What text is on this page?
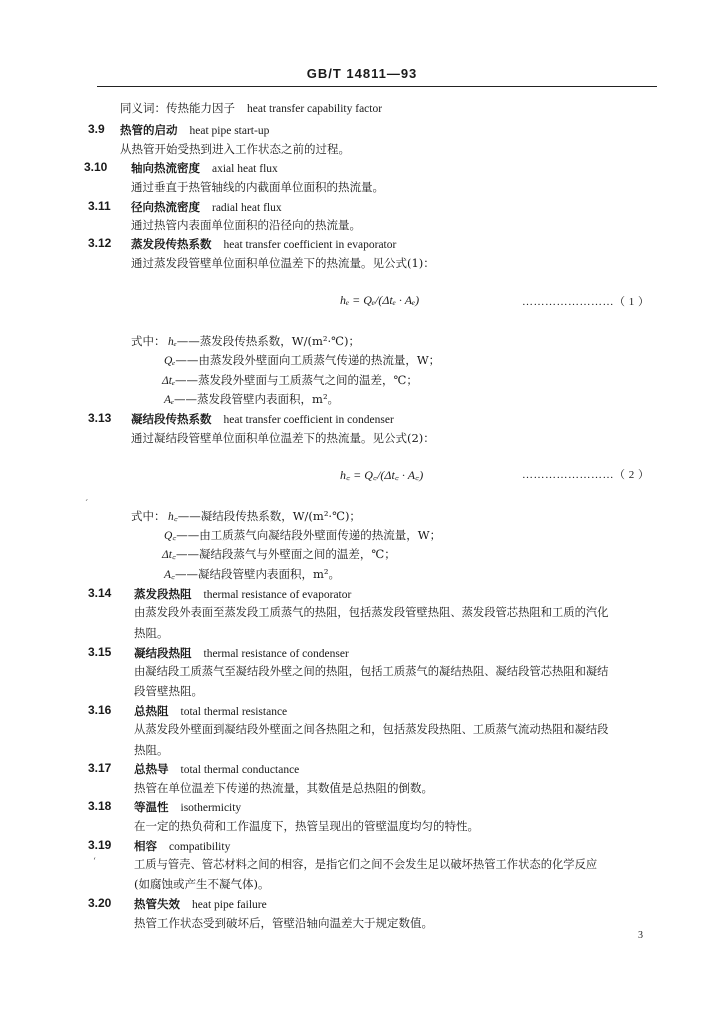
GB/T 14811—93
同义词：传热能力因子 heat transfer capability factor
3.9 热管的启动 heat pipe start-up
从热管开始受热到进入工作状态之前的过程。
3.10 轴向热流密度 axial heat flux
通过垂直于热管轴线的内截面单位面积的热流量。
3.11 径向热流密度 radial heat flux
通过热管内表面单位面积的沿径向的热流量。
3.12 蒸发段传热系数 heat transfer coefficient in evaporator
通过蒸发段管壁单位面积单位温差下的热流量。见公式(1)：
hₑ = Qₑ/(Δtₑ · Aₑ)	……………………（ 1 ）
式中： hₑ——蒸发段传热系数，W/(m²·℃)；
Qₑ——由蒸发段外壁面向工质蒸气传递的热流量，W；
Δtₑ——蒸发段外壁面与工质蒸气之间的温差，℃；
Aₑ——蒸发段管壁内表面积，m²。
3.13 凝结段传热系数 heat transfer coefficient in condenser
通过凝结段管壁单位面积单位温差下的热流量。见公式(2)：
h꜀ = Q꜀/(Δt꜀ · A꜀)	……………………（ 2 ）
ˊ
式中： h꜀——凝结段传热系数，W/(m²·℃)；
Q꜀——由工质蒸气向凝结段外壁面传递的热流量，W；
Δt꜀——凝结段蒸气与外壁面之间的温差，℃；
A꜀——凝结段管壁内表面积，m²。
3.14 蒸发段热阻 thermal resistance of evaporator
由蒸发段外表面至蒸发段工质蒸气的热阻，包括蒸发段管壁热阻、蒸发段管芯热阻和工质的汽化
热阻。
3.15 凝结段热阻 thermal resistance of condenser
由凝结段工质蒸气至凝结段外壁之间的热阻，包括工质蒸气的凝结热阻、凝结段管芯热阻和凝结
段管壁热阻。
3.16 总热阻 total thermal resistance
从蒸发段外壁面到凝结段外壁面之间各热阻之和，包括蒸发段热阻、工质蒸气流动热阻和凝结段
热阻。
3.17 总热导 total thermal conductance
热管在单位温差下传递的热流量，其数值是总热阻的倒数。
3.18 等温性 isothermicity
在一定的热负荷和工作温度下，热管呈现出的管壁温度均匀的特性。
3.19 相容 compatibility
‘	工质与管壳、管芯材料之间的相容，是指它们之间不会发生足以破坏热管工作状态的化学反应
(如腐蚀或产生不凝气体)。
3.20 热管失效 heat pipe failure
热管工作状态受到破坏后，管壁沿轴向温差大于规定数值。
3
